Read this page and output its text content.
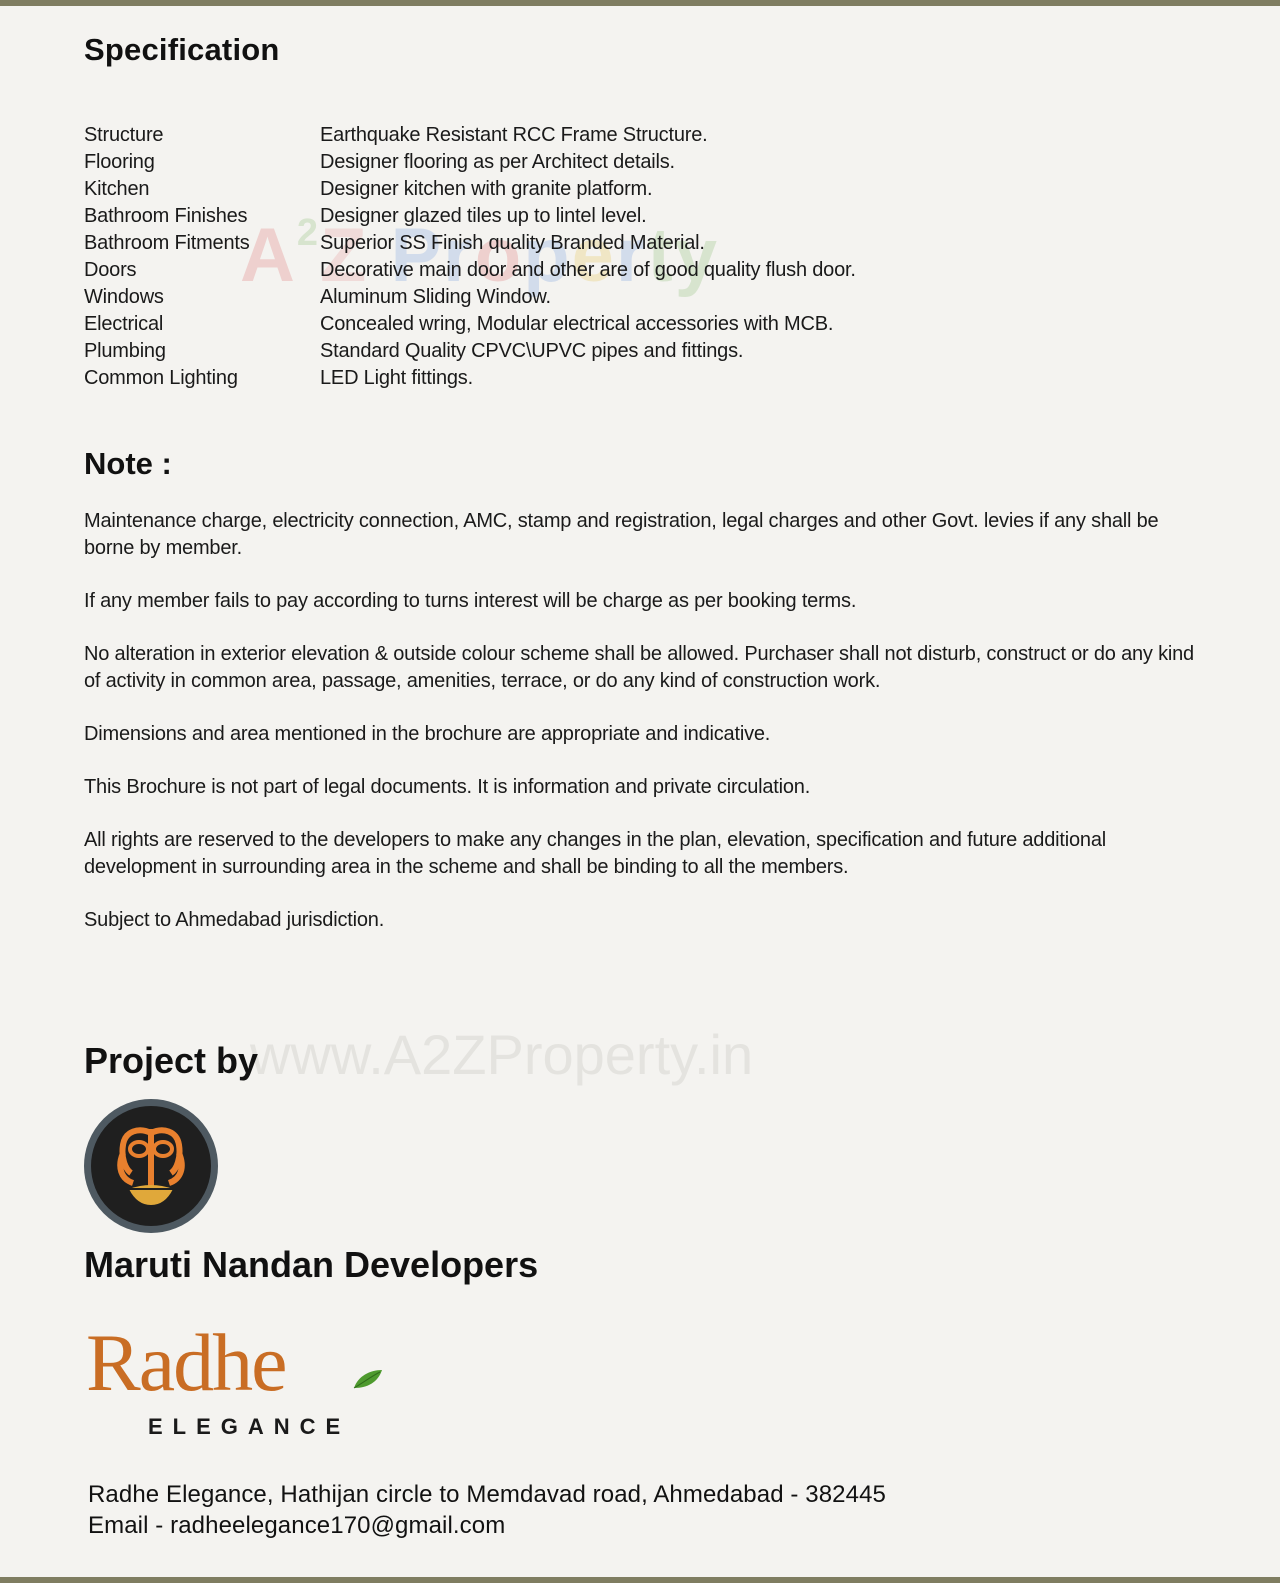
Specification
A 2 Z P r o p e r t y
Structure	Earthquake Resistant RCC Frame Structure.
Flooring	Designer flooring as per Architect details.
Kitchen	Designer kitchen with granite platform.
Bathroom Finishes	Designer glazed tiles up to lintel level.
Bathroom Fitments	Superior SS Finish quality Branded Material.
Doors	Decorative main door and other are of good quality flush door.
Windows	Aluminum Sliding Window.
Electrical	Concealed wring, Modular electrical accessories with MCB.
Plumbing	Standard Quality CPVC\UPVC pipes and fittings.
Common Lighting	LED Light fittings.
Note :

Maintenance charge, electricity connection, AMC, stamp and registration, legal charges and other Govt. levies if any shall be borne by member.

If any member fails to pay according to turns interest will be charge as per booking terms.

No alteration in exterior elevation & outside colour scheme shall be allowed. Purchaser shall not disturb, construct or do any kind of activity in common area, passage, amenities, terrace, or do any kind of construction work.

Dimensions and area mentioned in the brochure are appropriate and indicative.

This Brochure is not part of legal documents. It is information and private circulation.

All rights are reserved to the developers to make any changes in the plan, elevation, specification and future additional development in surrounding area in the scheme and shall be binding to all the members.

Subject to Ahmedabad jurisdiction.

www.A2ZProperty.in
Project by
Maruti Nandan Developers
Radhe
ELEGANCE
Radhe Elegance, Hathijan circle to Memdavad road, Ahmedabad - 382445
Email - radheelegance170@gmail.com
